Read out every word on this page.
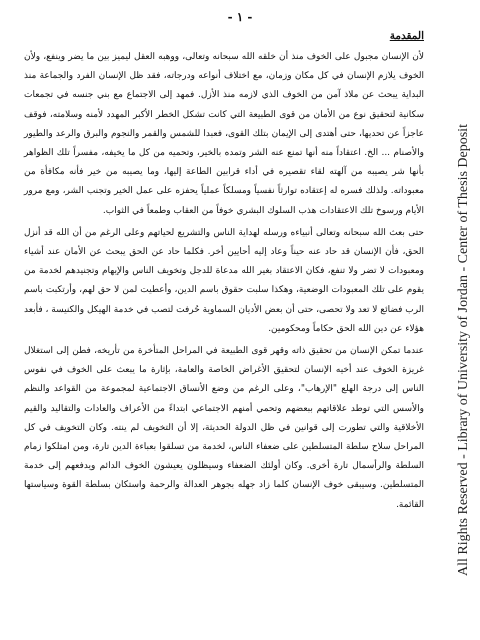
- ١ -
المقدمة

لأن الإنسان مجبول على الخوف منذ أن خلقه الله سبحانه وتعالى، ووهبه العقل ليميز بين ما يضر وينفع، ولأن الخوف يلازم الإنسان في كل مكان وزمان، مع اختلاف أنواعه ودرجاته، فقد ظل الإنسان الفرد والجماعة منذ البداية يبحث عن ملاذ آمن من الخوف الذي لازمه منذ الأزل. فمهد إلى الاجتماع مع بني جنسه في تجمعات سكانية لتحقيق نوع من الأمان من قوى الطبيعة التي كانت تشكل الخطر الأكبر المهدد لأمنه وسلامته، فوقف عاجزاً عن تحديها، حتى أهتدى إلى الإيمان بتلك القوى، فعبدا للشمس والقمر والنجوم والبرق والرعد والطيور والأصنام ... الخ. اعتقاداً منه أنها تمنع عنه الشر وتمده بالخير، وتحميه من كل ما يخيفه، مفسراً تلك الظواهر بأنها شر يصيبه من آلهته لقاء تقصيره في أداء قرابين الطاعة إليها، وما يصيبه من خير فأنه مكافأة من معبوداته. ولذلك فسره له إعتقاده توارثاً نفسياً ومسلكاً عملياً يحفزه على عمل الخير وتجنب الشر، ومع مرور الأيام ورسوخ تلك الاعتقادات هذب السلوك البشري خوفاً من العقاب وطمعاً في الثواب.

حتى بعث الله سبحانه وتعالى أنبياءه ورسله لهداية الناس والتشريع لحياتهم وعلى الرغم من أن الله قد أنزل الحق، فأن الإنسان قد حاد عنه حيناً وعاد إليه أحايين أخر. فكلما حاد عن الحق يبحث عن الأمان عند أشياء ومعبودات لا تضر ولا تنفع، فكان الاعتقاد بغير الله مدعاة للدجل وتخويف الناس والإيهام وتجنيدهم لخدمة من يقوم على تلك المعبودات الوضعية، وهكذا سلبت حقوق باسم الدين، وأعطيت لمن لا حق لهم، وأرتكبت باسم الرب فضائع لا تعد ولا تحصى، حتى أن بعض الأديان السماوية حُرفت لتصب في خدمة الهيكل والكنيسة ، فأبعد هؤلاء عن دين الله الحق حكاماً ومحكومين.

عندما تمكن الإنسان من تحقيق ذاته وقهر قوى الطبيعة في المراحل المتأخرة من تأريخه، فطن إلى استغلال غريزة الخوف عند أخيه الإنسان لتحقيق الأغراض الخاصة والعامة، بإثارة ما يبعث على الخوف في نفوس الناس إلى درجة الهلع "الإرهاب"، وعلى الرغم من وضع الأنساق الاجتماعية لمجموعة من القواعد والنظم والأسس التي توطد علاقاتهم ببعضهم وتحمي أمنهم الاجتماعي ابتداءً من الأعراف والعادات والتقاليد والقيم الأخلاقية والتي تطورت إلى قوانين في ظل الدولة الحديثة، إلا أن التخويف لم ينته. وكان التخويف في كل المراحل سلاح سلطة المتسلطين على ضعفاء الناس، لخدمة من تسلقوا بعباءة الدين تارة، ومن امتلكوا زمام السلطة والرأسمال تارة أخرى. وكان أولئك الضعفاء وسيظلون يعيشون الخوف الدائم ويدفعهم إلى خدمة المتسلطين. وسيبقى خوف الإنسان كلما زاد جهله بجوهر العدالة والرحمة واستكان بسلطة القوة وسياستها القائمة. All Rights Reserved - Library of University of Jordan - Center of Thesis Deposit
